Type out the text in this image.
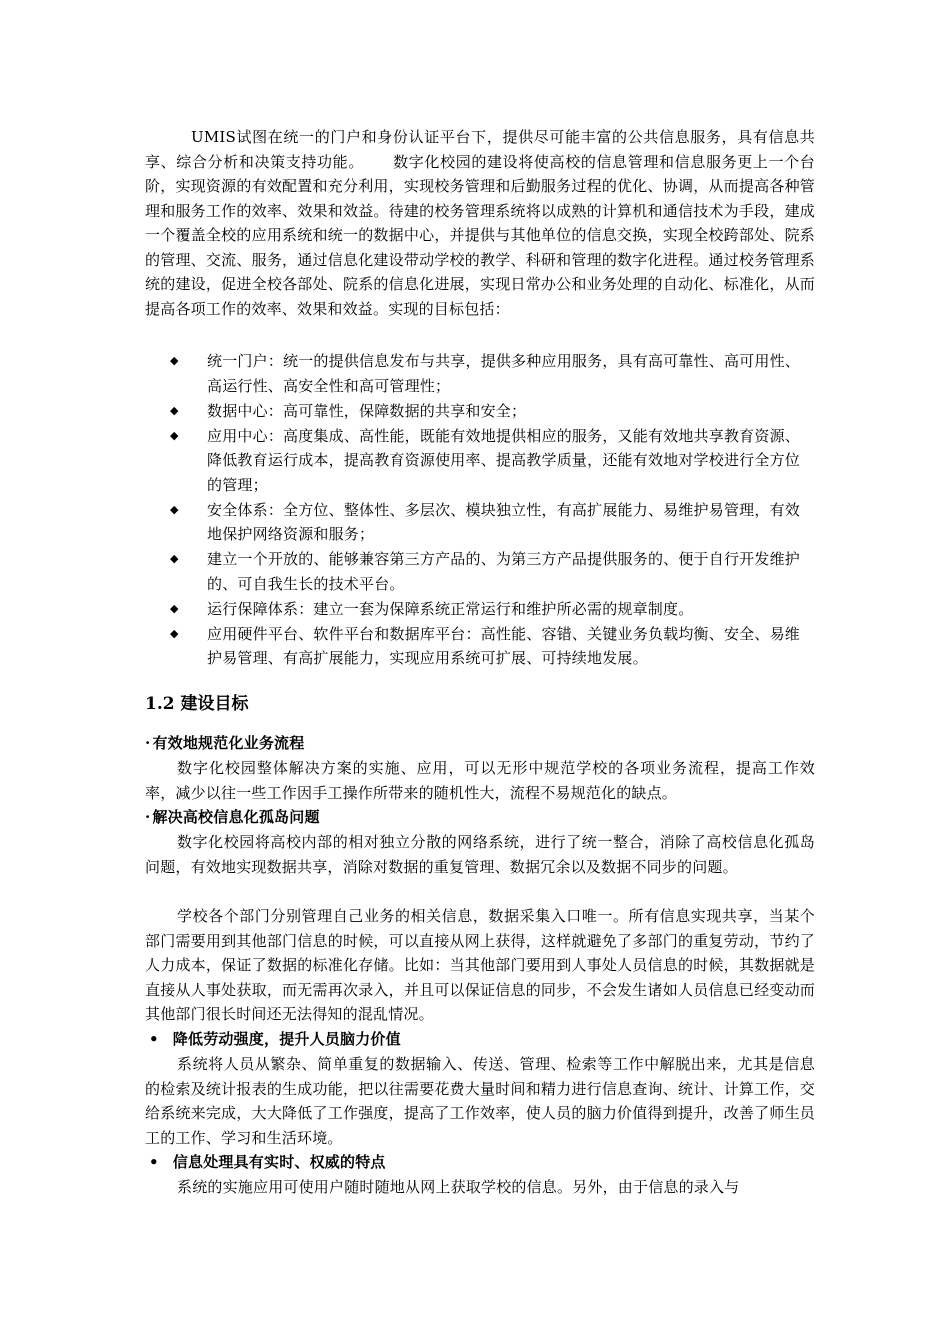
UMIS试图在统一的门户和身份认证平台下，提供尽可能丰富的公共信息服务，具有信息共享、综合分析和决策支持功能。　　 数字化校园的建设将使高校的信息管理和信息服务更上一个台阶，实现资源的有效配置和充分利用，实现校务管理和后勤服务过程的优化、协调，从而提高各种管理和服务工作的效率、效果和效益。待建的校务管理系统将以成熟的计算机和通信技术为手段，建成一个覆盖全校的应用系统和统一的数据中心，并提供与其他单位的信息交换，实现全校跨部处、院系的管理、交流、服务，通过信息化建设带动学校的教学、科研和管理的数字化进程。通过校务管理系统的建设，促进全校各部处、院系的信息化进展，实现日常办公和业务处理的自动化、标准化，从而提高各项工作的效率、效果和效益。实现的目标包括：

◆ 统一门户：统一的提供信息发布与共享，提供多种应用服务，具有高可靠性、高可用性、高运行性、高安全性和高可管理性；
◆ 数据中心：高可靠性，保障数据的共享和安全；
◆ 应用中心：高度集成、高性能，既能有效地提供相应的服务，又能有效地共享教育资源、降低教育运行成本，提高教育资源使用率、提高教学质量，还能有效地对学校进行全方位的管理；
◆ 安全体系：全方位、整体性、多层次、模块独立性，有高扩展能力、易维护易管理，有效地保护网络资源和服务；
◆ 建立一个开放的、能够兼容第三方产品的、为第三方产品提供服务的、便于自行开发维护的、可自我生长的技术平台。
◆ 运行保障体系：建立一套为保障系统正常运行和维护所必需的规章制度。
◆ 应用硬件平台、软件平台和数据库平台：高性能、容错、关键业务负载均衡、安全、易维护易管理、有高扩展能力，实现应用系统可扩展、可持续地发展。
1.2 建设目标
· 有效地规范化业务流程

数字化校园整体解决方案的实施、应用，可以无形中规范学校的各项业务流程，提高工作效率，减少以往一些工作因手工操作所带来的随机性大，流程不易规范化的缺点。

· 解决高校信息化孤岛问题

数字化校园将高校内部的相对独立分散的网络系统，进行了统一整合，消除了高校信息化孤岛问题，有效地实现数据共享，消除对数据的重复管理、数据冗余以及数据不同步的问题。

学校各个部门分别管理自己业务的相关信息，数据采集入口唯一。所有信息实现共享，当某个部门需要用到其他部门信息的时候，可以直接从网上获得，这样就避免了多部门的重复劳动，节约了人力成本，保证了数据的标准化存储。比如：当其他部门要用到人事处人员信息的时候，其数据就是直接从人事处获取，而无需再次录入，并且可以保证信息的同步，不会发生诸如人员信息已经变动而其他部门很长时间还无法得知的混乱情况。

• 降低劳动强度，提升人员脑力价值

系统将人员从繁杂、简单重复的数据输入、传送、管理、检索等工作中解脱出来，尤其是信息的检索及统计报表的生成功能，把以往需要花费大量时间和精力进行信息查询、统计、计算工作，交给系统来完成，大大降低了工作强度，提高了工作效率，使人员的脑力价值得到提升，改善了师生员工的工作、学习和生活环境。

• 信息处理具有实时、权威的特点

系统的实施应用可使用户随时随地从网上获取学校的信息。另外，由于信息的录入与
